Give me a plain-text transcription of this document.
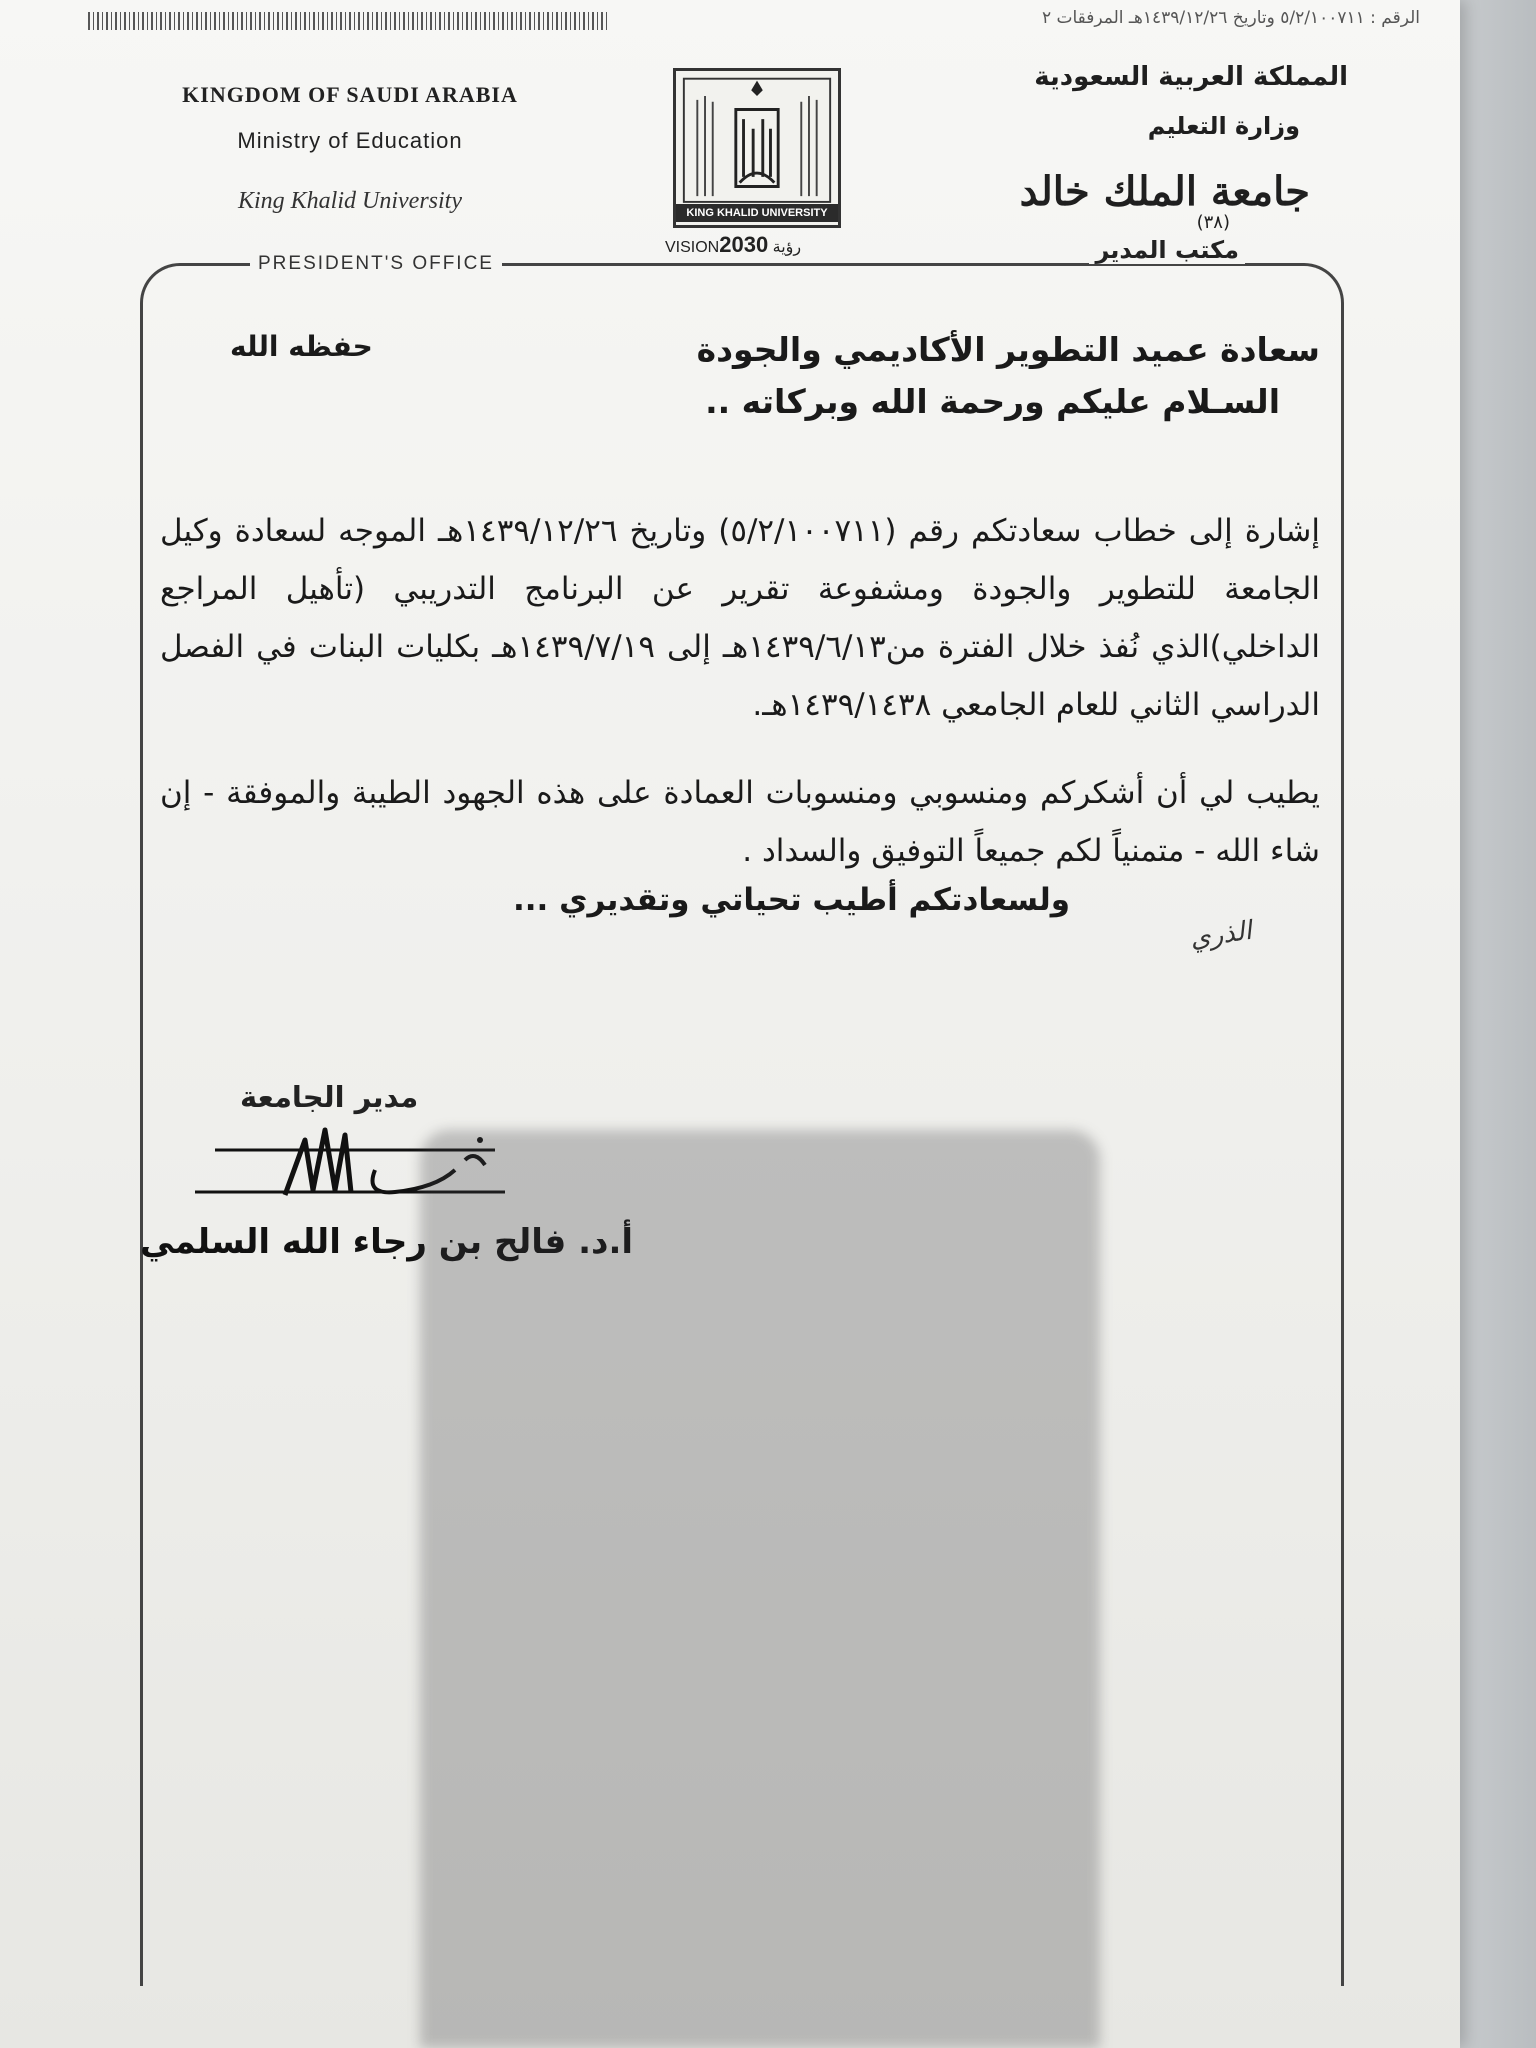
الرقم : ٥/٢/١٠٠٧١١ وتاريخ ١٤٣٩/١٢/٢٦هـ المرفقات ٢
KINGDOM OF SAUDI ARABIA
Ministry of Education
King Khalid University
المملكة العربية السعودية
وزارة التعليم
جامعة الملك خالد
(٣٨)
KING KHALID UNIVERSITY
VISION2030 رؤية
PRESIDENT'S OFFICE	مكتب المدير
سعادة عميد التطوير الأكاديمي والجودة
حفظه الله
السـلام عليكم ورحمة الله وبركاته ..
إشارة إلى خطاب سعادتكم رقم (٥/٢/١٠٠٧١١) وتاريخ ١٤٣٩/١٢/٢٦هـ الموجه لسعادة وكيل الجامعة للتطوير والجودة ومشفوعة تقرير عن البرنامج التدريبي (تأهيل المراجع الداخلي)الذي نُفذ خلال الفترة من١٤٣٩/٦/١٣هـ إلى ١٤٣٩/٧/١٩هـ بكليات البنات في الفصل الدراسي الثاني للعام الجامعي ١٤٣٩/١٤٣٨هـ.
يطيب لي أن أشكركم ومنسوبي ومنسوبات العمادة على هذه الجهود الطيبة والموفقة - إن شاء الله - متمنياً لكم جميعاً التوفيق والسداد .
ولسعادتكم أطيب تحياتي وتقديري ...
الذري
مدير الجامعة
أ.د. فالح بن رجاء الله السلمي
